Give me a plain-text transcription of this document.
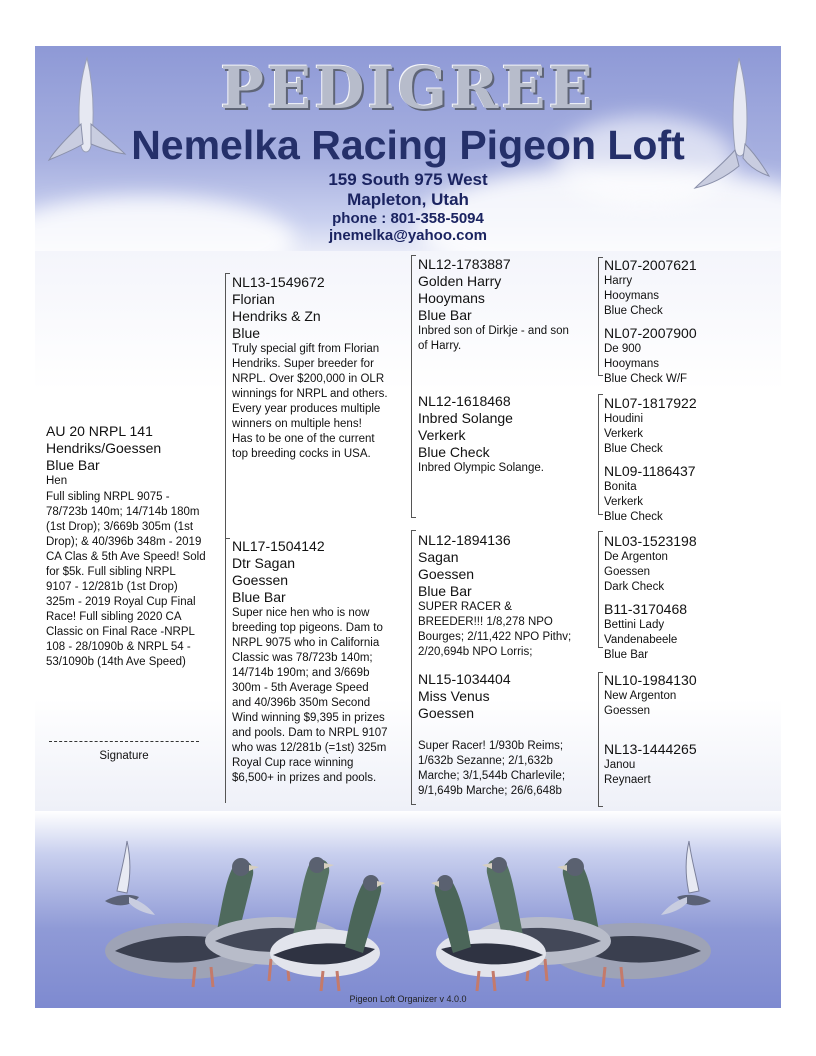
PEDIGREE
Nemelka Racing Pigeon Loft
159 South 975 West
Mapleton, Utah
phone : 801-358-5094
jnemelka@yahoo.com
AU 20 NRPL 141
Hendriks/Goessen
Blue Bar
Hen
Full sibling NRPL 9075 -
78/723b 140m; 14/714b 180m
(1st Drop); 3/669b 305m (1st
Drop); & 40/396b 348m - 2019
CA Clas & 5th Ave Speed! Sold
for $5k. Full sibling NRPL
9107 - 12/281b (1st Drop)
325m - 2019 Royal Cup Final
Race! Full sibling 2020 CA
Classic on Final Race -NRPL
108 - 28/1090b & NRPL 54 -
53/1090b (14th Ave Speed)
Signature
NL13-1549672
Florian
Hendriks & Zn
Blue
Truly special gift from Florian
Hendriks. Super breeder for
NRPL. Over $200,000 in OLR
winnings for NRPL and others.
Every year produces multiple
winners on multiple hens!
Has to be one of the current
top breeding cocks in USA.
NL17-1504142
Dtr Sagan
Goessen
Blue Bar
Super nice hen who is now
breeding top pigeons. Dam to
NRPL 9075 who in California
Classic was 78/723b 140m;
14/714b 190m; and 3/669b
300m - 5th Average Speed
and 40/396b 350m Second
Wind winning $9,395 in prizes
and pools. Dam to NRPL 9107
who was 12/281b (=1st) 325m
Royal Cup race winning
$6,500+ in prizes and pools.
NL12-1783887
Golden Harry
Hooymans
Blue Bar
Inbred son of Dirkje - and son
of Harry.
NL12-1618468
Inbred Solange
Verkerk
Blue Check
Inbred Olympic Solange.
NL12-1894136
Sagan
Goessen
Blue Bar
SUPER RACER &
BREEDER!!! 1/8,278 NPO
Bourges; 2/11,422 NPO Pithv;
2/20,694b NPO Lorris;
NL15-1034404
Miss Venus
Goessen
Super Racer! 1/930b Reims;
1/632b Sezanne; 2/1,632b
Marche; 3/1,544b Charlevile;
9/1,649b Marche; 26/6,648b
NL07-2007621
Harry
Hooymans
Blue Check
NL07-2007900
De 900
Hooymans
Blue Check W/F
NL07-1817922
Houdini
Verkerk
Blue Check
NL09-1186437
Bonita
Verkerk
Blue Check
NL03-1523198
De Argenton
Goessen
Dark Check
B11-3170468
Bettini Lady
Vandenabeele
Blue Bar
NL10-1984130
New Argenton
Goessen
NL13-1444265
Janou
Reynaert
Pigeon Loft Organizer v 4.0.0
